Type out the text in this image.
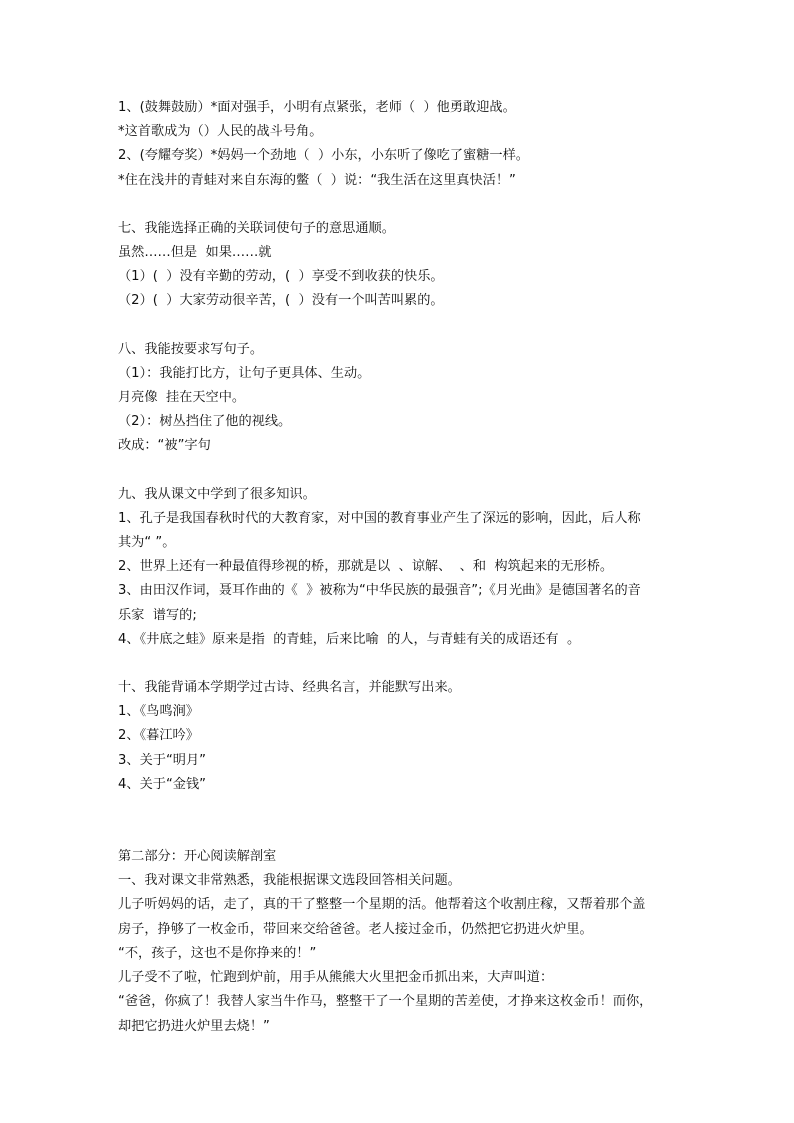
1、(鼓舞鼓励）*面对强手，小明有点紧张，老师（  ）他勇敢迎战。

*这首歌成为（）人民的战斗号角。

2、(夸耀夸奖）*妈妈一个劲地（  ）小东，小东听了像吃了蜜糖一样。

*住在浅井的青蛙对来自东海的鳖（  ）说：“我生活在这里真快活！”

七、我能选择正确的关联词使句子的意思通顺。

虽然……但是  如果……就

（1）(  ）没有辛勤的劳动，(  ）享受不到收获的快乐。

（2）(  ）大家劳动很辛苦，(  ）没有一个叫苦叫累的。

八、我能按要求写句子。

（1）：我能打比方，让句子更具体、生动。

月亮像  挂在天空中。

（2）：树丛挡住了他的视线。

改成：“被”字句

九、我从课文中学到了很多知识。

1、孔子是我国春秋时代的大教育家，对中国的教育事业产生了深远的影响，因此，后人称

其为“ ”。

2、世界上还有一种最值得珍视的桥，那就是以  、谅解、  、和  构筑起来的无形桥。

3、由田汉作词，聂耳作曲的《  》被称为“中华民族的最强音”;《月光曲》是德国著名的音

乐家  谱写的;

4、《井底之蛙》原来是指  的青蛙，后来比喻  的人，与青蛙有关的成语还有  。

十、我能背诵本学期学过古诗、经典名言，并能默写出来。

1、《鸟鸣涧》

2、《暮江吟》

3、关于“明月”

4、关于“金钱”

第二部分：开心阅读解剖室

一、我对课文非常熟悉，我能根据课文选段回答相关问题。

儿子听妈妈的话，走了，真的干了整整一个星期的活。他帮着这个收割庄稼，又帮着那个盖

房子，挣够了一枚金币，带回来交给爸爸。老人接过金币，仍然把它扔进火炉里。

“不，孩子，这也不是你挣来的！”

儿子受不了啦，忙跑到炉前，用手从熊熊大火里把金币抓出来，大声叫道：

“爸爸，你疯了！我替人家当牛作马，整整干了一个星期的苦差使，才挣来这枚金币！而你，

却把它扔进火炉里去烧！”
